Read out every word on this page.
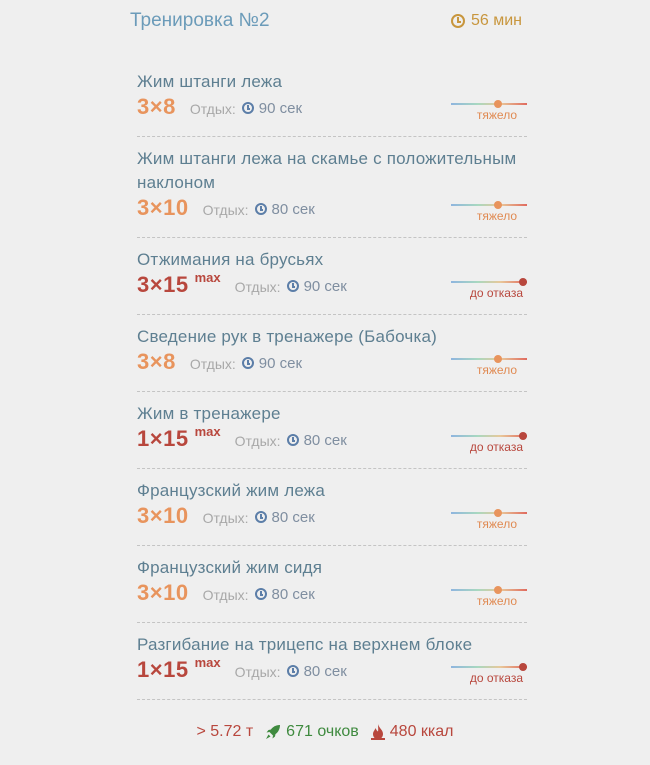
Тренировка №2	56 мин
Жим штанги лежа
3×8 Отдых: 90 сек	тяжело
Жим штанги лежа на скамье с положительным наклоном
3×10 Отдых: 80 сек	тяжело
Отжимания на брусьях
3×15 max
Отдых: 90 сек	до отказа
Сведение рук в тренажере (Бабочка)
3×8 Отдых: 90 сек	тяжело
Жим в тренажере
1×15 max
Отдых: 80 сек	до отказа
Французский жим лежа
3×10 Отдых: 80 сек	тяжело
Французский жим сидя
3×10 Отдых: 80 сек	тяжело
Разгибание на трицепс на верхнем блоке
1×15 max
Отдых: 80 сек	до отказа
> 5.72 т 671 очков 480 ккал
